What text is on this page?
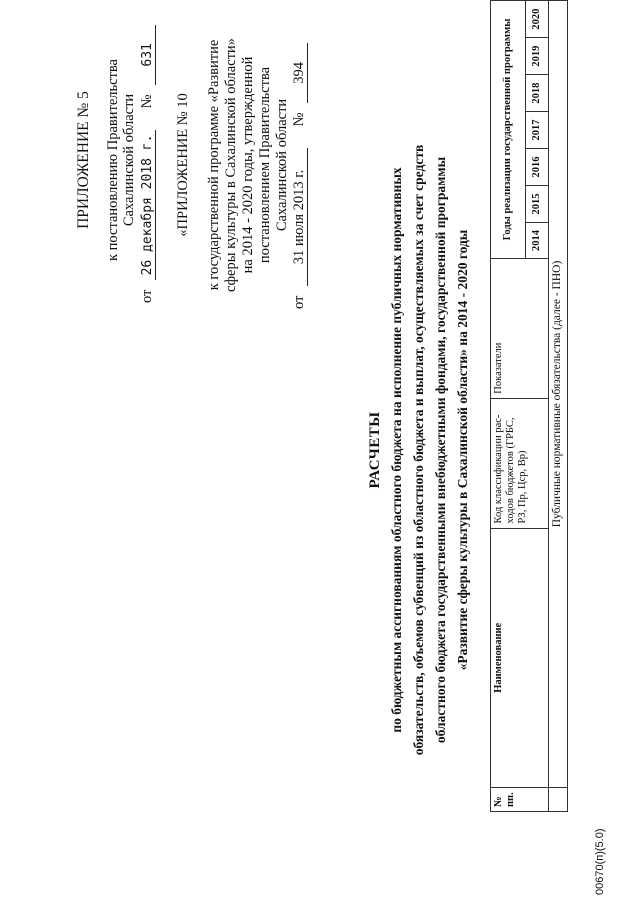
ПРИЛОЖЕНИЕ № 5 к постановлению Правительства Сахалинской области
от 26 декабря 2018 г. № 631
«ПРИЛОЖЕНИЕ № 10 к государственной программе «Развитие сферы культуры в Сахалинской области» на 2014 - 2020 годы, утвержденной постановлением Правительства Сахалинской области
от 31 июля 2013 г. № 394
РАСЧЕТЫ по бюджетным ассигнованиям областного бюджета на исполнение публичных нормативных обязательств, объемов субвенций из областного бюджета и выплат, осуществляемых за счет средств областного бюджета государственными внебюджетными фондами, государственной программы «Развитие сферы культуры в Сахалинской области» на 2014 - 2020 годы
№ пп.	Наименование	Код классификации рас- ходов бюджетов (ГРБС, РЗ, Пр, Цср, Вр)	Показатели	Годы реализации государственной программы						
				2014	2015	2016	2017	2018	2019	2020
	Публичные нормативные обязательства (далее - ПНО)									
00670(п)(5.0)
